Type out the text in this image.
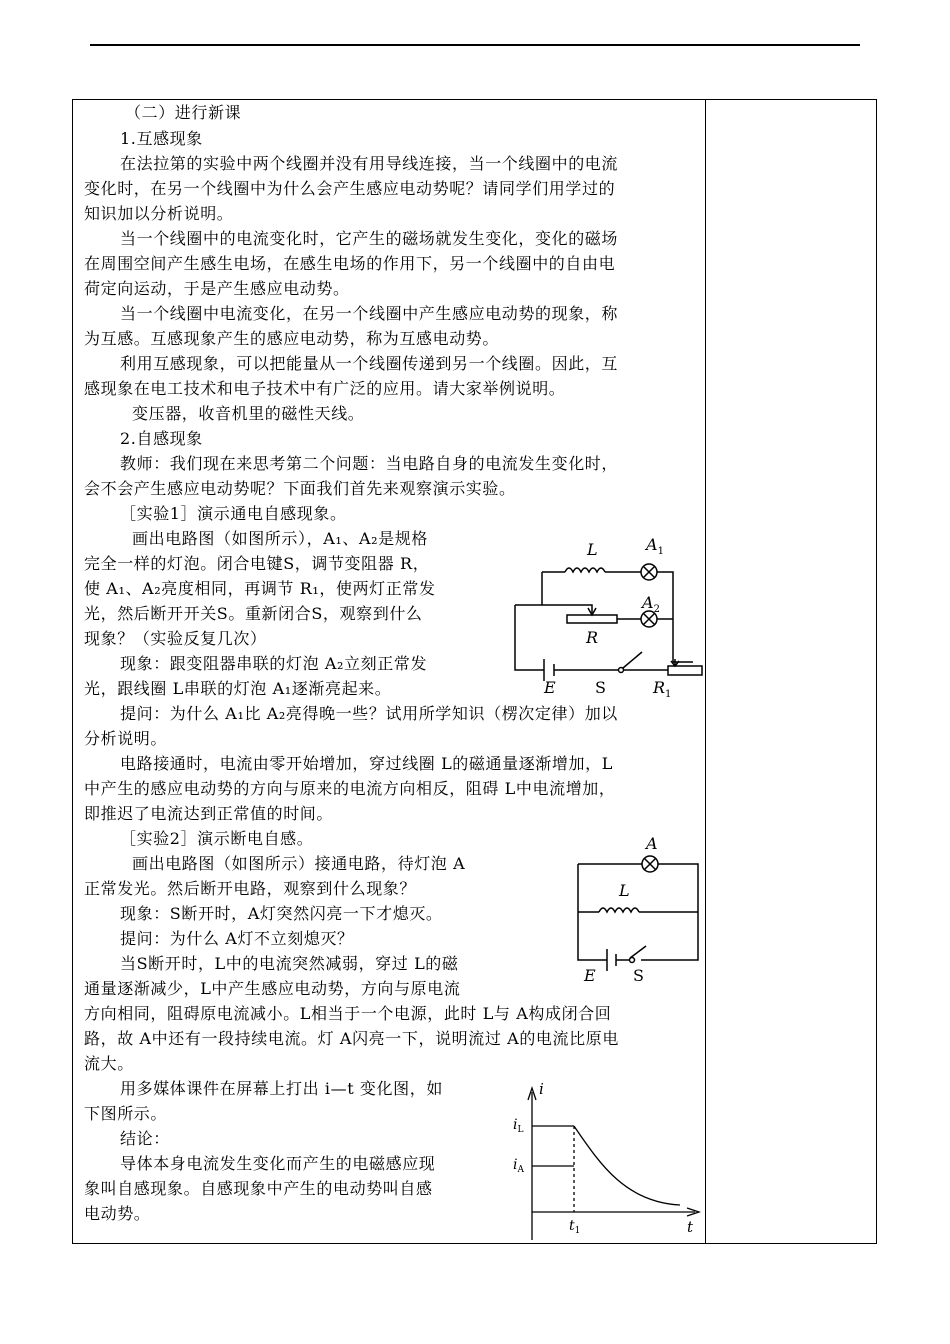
（二）进行新课
1.互感现象
在法拉第的实验中两个线圈并没有用导线连接，当一个线圈中的电流
变化时，在另一个线圈中为什么会产生感应电动势呢？请同学们用学过的
知识加以分析说明。
当一个线圈中的电流变化时，它产生的磁场就发生变化，变化的磁场
在周围空间产生感生电场，在感生电场的作用下，另一个线圈中的自由电
荷定向运动，于是产生感应电动势。
当一个线圈中电流变化，在另一个线圈中产生感应电动势的现象，称
为互感。互感现象产生的感应电动势，称为互感电动势。
利用互感现象，可以把能量从一个线圈传递到另一个线圈。因此，互
感现象在电工技术和电子技术中有广泛的应用。请大家举例说明。
变压器，收音机里的磁性天线。
2.自感现象
教师：我们现在来思考第二个问题：当电路自身的电流发生变化时，
会不会产生感应电动势呢？下面我们首先来观察演示实验。
［实验1］演示通电自感现象。
画出电路图（如图所示），A₁、A₂是规格
完全一样的灯泡。闭合电键S，调节变阻器 R，
使 A₁、A₂亮度相同，再调节 R₁，使两灯正常发
光，然后断开开关S。重新闭合S，观察到什么
现象？（实验反复几次）
现象：跟变阻器串联的灯泡 A₂立刻正常发
光，跟线圈 L串联的灯泡 A₁逐渐亮起来。
提问：为什么 A₁比 A₂亮得晚一些？试用所学知识（楞次定律）加以
分析说明。
电路接通时，电流由零开始增加，穿过线圈 L的磁通量逐渐增加，L
中产生的感应电动势的方向与原来的电流方向相反，阻碍 L中电流增加，
即推迟了电流达到正常值的时间。
［实验2］演示断电自感。
画出电路图（如图所示）接通电路，待灯泡 A
正常发光。然后断开电路，观察到什么现象？
现象：S断开时，A灯突然闪亮一下才熄灭。
提问：为什么 A灯不立刻熄灭？
当S断开时，L中的电流突然减弱，穿过 L的磁
通量逐渐减少，L中产生感应电动势，方向与原电流
方向相同，阻碍原电流减小。L相当于一个电源，此时 L与 A构成闭合回
路，故 A中还有一段持续电流。灯 A闪亮一下，说明流过 A的电流比原电
流大。
用多媒体课件在屏幕上打出 i—t 变化图，如
下图所示。
结论：
导体本身电流发生变化而产生的电磁感应现
象叫自感现象。自感现象中产生的电动势叫自感
电动势。
L	$A_1$
$A_2$
R
E S	$R_1$
A
L
E S
i
t
$i_L$
$i_A$
$t_1$
